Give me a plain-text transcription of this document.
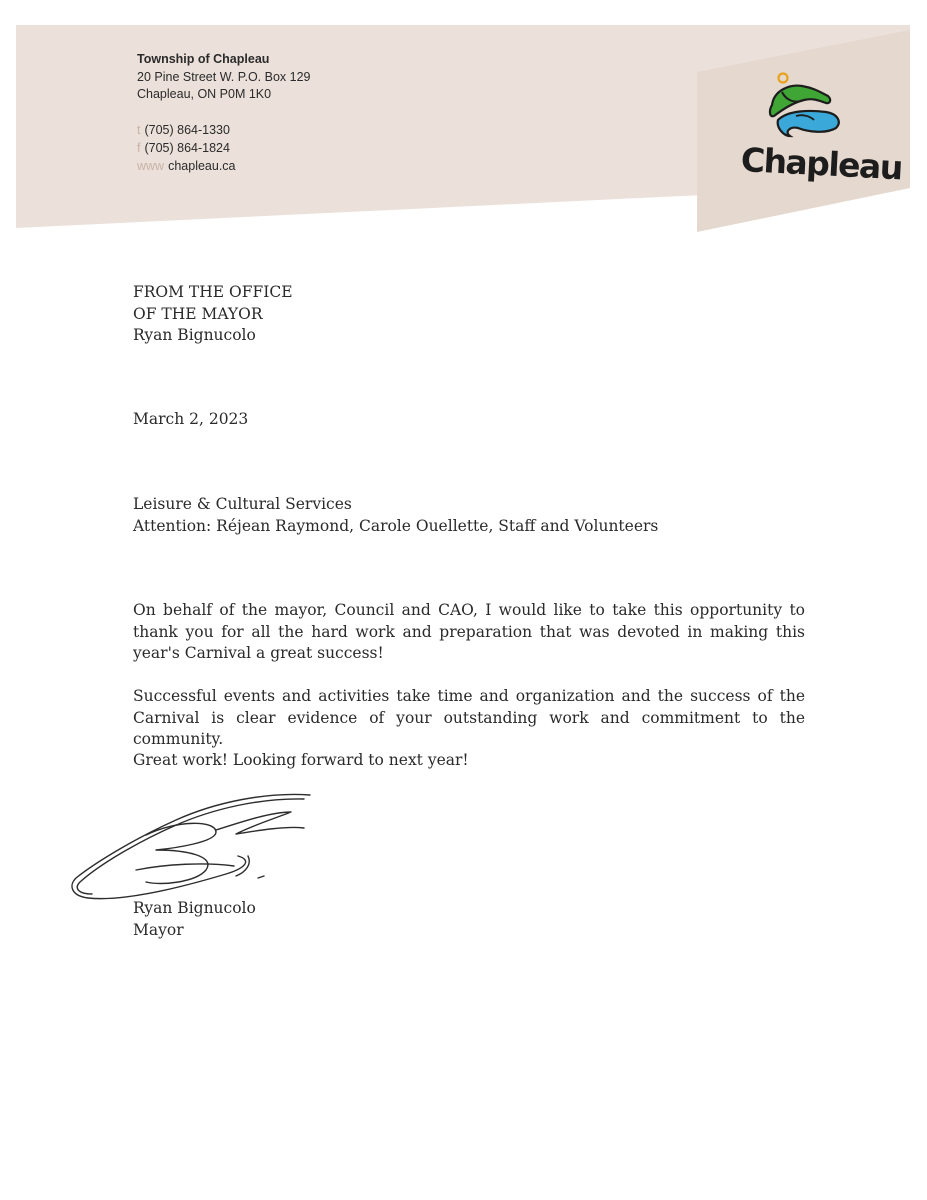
Township of Chapleau
20 Pine Street W. P.O. Box 129
Chapleau, ON P0M 1K0
t (705) 864-1330
f (705) 864-1824
www chapleau.ca	Chapleau
FROM THE OFFICE
OF THE MAYOR
Ryan Bignucolo
March 2, 2023
Leisure & Cultural Services
Attention: Réjean Raymond, Carole Ouellette, Staff and Volunteers
On behalf of the mayor, Council and CAO, I would like to take this opportunity to thank you for all the hard work and preparation that was devoted in making this year's Carnival a great success!
Successful events and activities take time and organization and the success of the Carnival is clear evidence of your outstanding work and commitment to the community.
Great work! Looking forward to next year!
Ryan Bignucolo
Mayor
